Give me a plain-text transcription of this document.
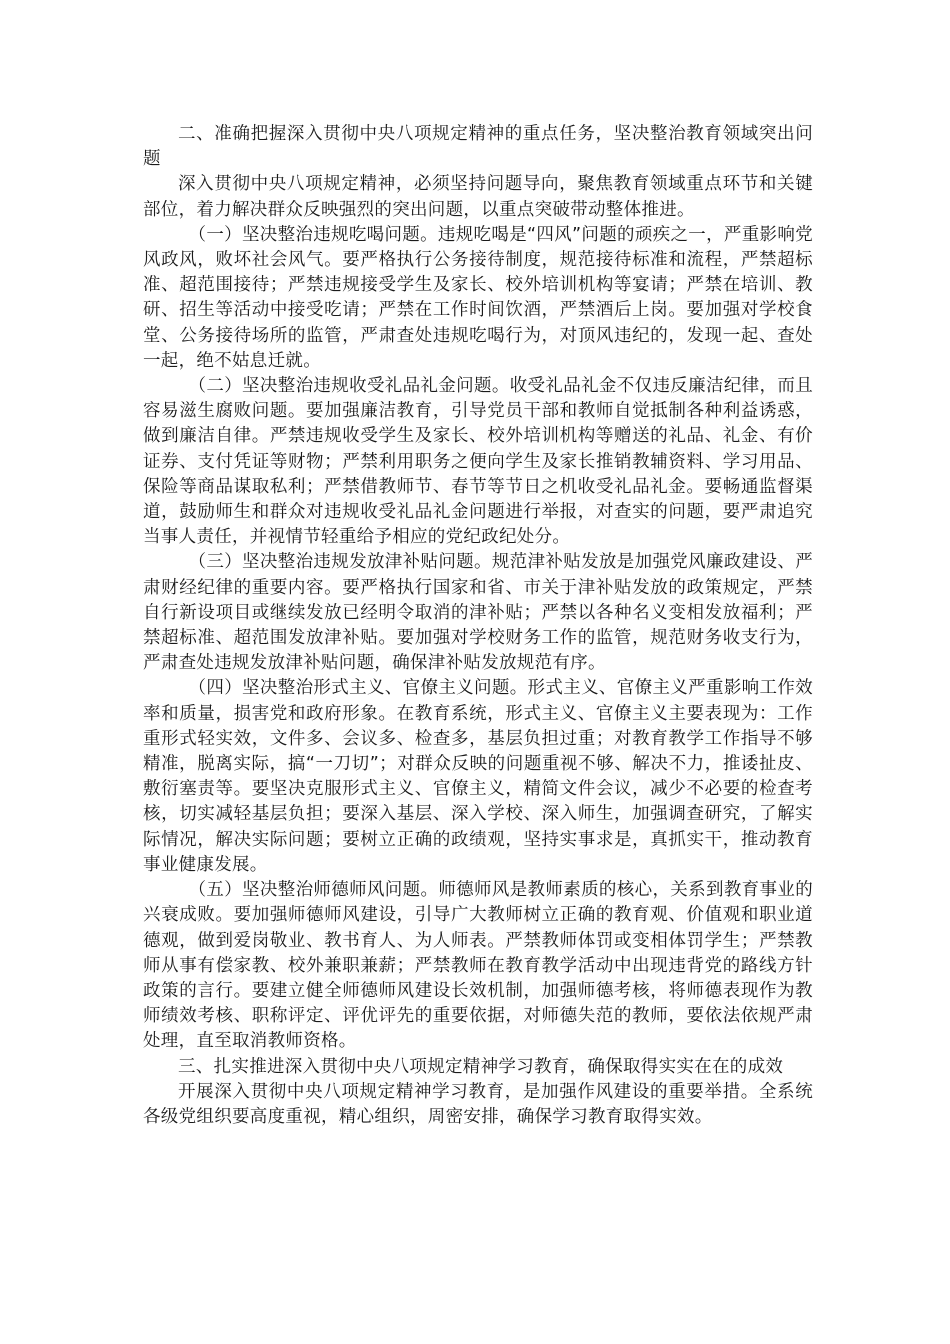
二、准确把握深入贯彻中央八项规定精神的重点任务，坚决整治教育领域突出问题

深入贯彻中央八项规定精神，必须坚持问题导向，聚焦教育领域重点环节和关键部位，着力解决群众反映强烈的突出问题，以重点突破带动整体推进。

（一）坚决整治违规吃喝问题。违规吃喝是“四风”问题的顽疾之一，严重影响党风政风，败坏社会风气。要严格执行公务接待制度，规范接待标准和流程，严禁超标准、超范围接待；严禁违规接受学生及家长、校外培训机构等宴请；严禁在培训、教研、招生等活动中接受吃请；严禁在工作时间饮酒，严禁酒后上岗。要加强对学校食堂、公务接待场所的监管，严肃查处违规吃喝行为，对顶风违纪的，发现一起、查处一起，绝不姑息迁就。

（二）坚决整治违规收受礼品礼金问题。收受礼品礼金不仅违反廉洁纪律，而且容易滋生腐败问题。要加强廉洁教育，引导党员干部和教师自觉抵制各种利益诱惑，做到廉洁自律。严禁违规收受学生及家长、校外培训机构等赠送的礼品、礼金、有价证券、支付凭证等财物；严禁利用职务之便向学生及家长推销教辅资料、学习用品、保险等商品谋取私利；严禁借教师节、春节等节日之机收受礼品礼金。要畅通监督渠道，鼓励师生和群众对违规收受礼品礼金问题进行举报，对查实的问题，要严肃追究当事人责任，并视情节轻重给予相应的党纪政纪处分。

（三）坚决整治违规发放津补贴问题。规范津补贴发放是加强党风廉政建设、严肃财经纪律的重要内容。要严格执行国家和省、市关于津补贴发放的政策规定，严禁自行新设项目或继续发放已经明令取消的津补贴；严禁以各种名义变相发放福利；严禁超标准、超范围发放津补贴。要加强对学校财务工作的监管，规范财务收支行为，严肃查处违规发放津补贴问题，确保津补贴发放规范有序。

（四）坚决整治形式主义、官僚主义问题。形式主义、官僚主义严重影响工作效率和质量，损害党和政府形象。在教育系统，形式主义、官僚主义主要表现为：工作重形式轻实效，文件多、会议多、检查多，基层负担过重；对教育教学工作指导不够精准，脱离实际，搞“一刀切”；对群众反映的问题重视不够、解决不力，推诿扯皮、敷衍塞责等。要坚决克服形式主义、官僚主义，精简文件会议，减少不必要的检查考核，切实减轻基层负担；要深入基层、深入学校、深入师生，加强调查研究，了解实际情况，解决实际问题；要树立正确的政绩观，坚持实事求是，真抓实干，推动教育事业健康发展。

（五）坚决整治师德师风问题。师德师风是教师素质的核心，关系到教育事业的兴衰成败。要加强师德师风建设，引导广大教师树立正确的教育观、价值观和职业道德观，做到爱岗敬业、教书育人、为人师表。严禁教师体罚或变相体罚学生；严禁教师从事有偿家教、校外兼职兼薪；严禁教师在教育教学活动中出现违背党的路线方针政策的言行。要建立健全师德师风建设长效机制，加强师德考核，将师德表现作为教师绩效考核、职称评定、评优评先的重要依据，对师德失范的教师，要依法依规严肃处理，直至取消教师资格。

三、扎实推进深入贯彻中央八项规定精神学习教育，确保取得实实在在的成效

开展深入贯彻中央八项规定精神学习教育，是加强作风建设的重要举措。全系统各级党组织要高度重视，精心组织，周密安排，确保学习教育取得实效。
